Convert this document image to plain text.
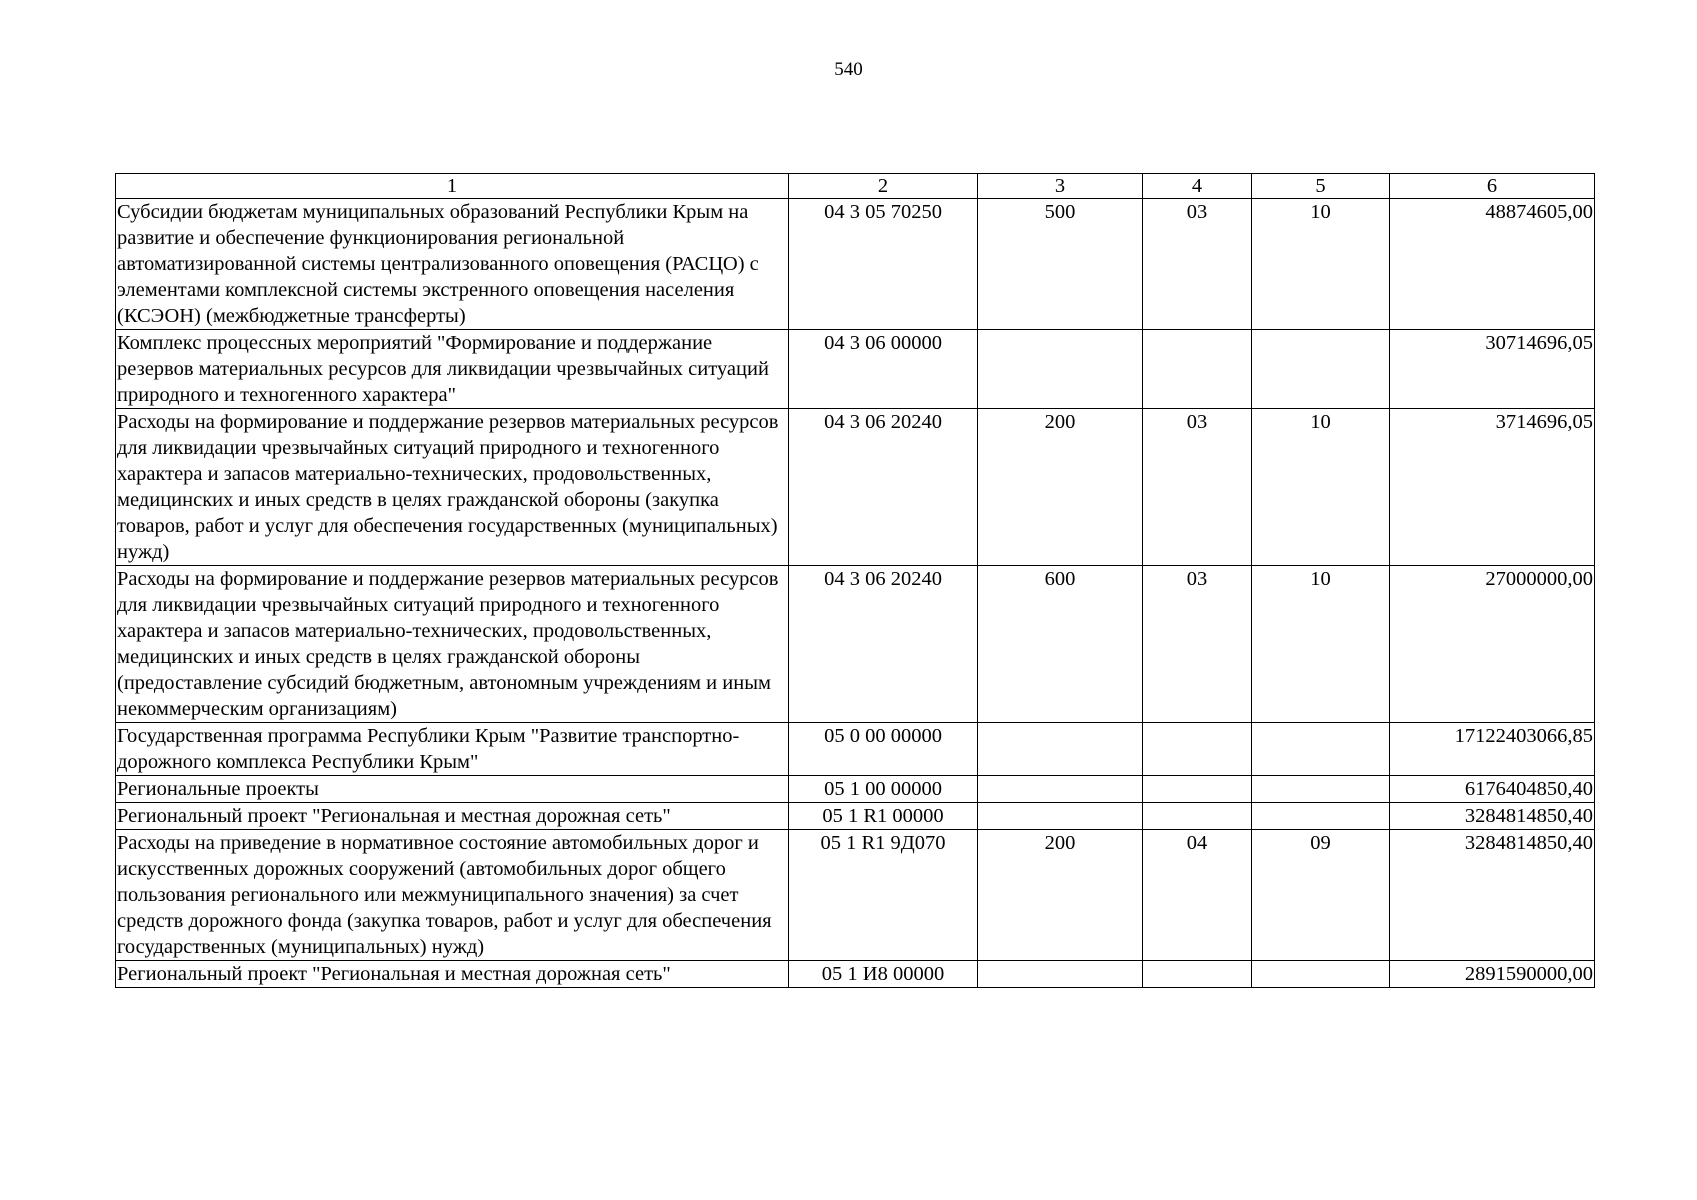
540
1	2	3	4	5	6
Субсидии бюджетам муниципальных образований Республики Крым на развитие и обеспечение функционирования региональной автоматизированной системы централизованного оповещения (РАСЦО) с элементами комплексной системы экстренного оповещения населения (КСЭОН) (межбюджетные трансферты)	04 3 05 70250	500	03	10	48874605,00
Комплекс процессных мероприятий "Формирование и поддержание резервов материальных ресурсов для ликвидации чрезвычайных ситуаций природного и техногенного характера"	04 3 06 00000				30714696,05
Расходы на формирование и поддержание резервов материальных ресурсов для ликвидации чрезвычайных ситуаций природного и техногенного характера и запасов материально-технических, продовольственных, медицинских и иных средств в целях гражданской обороны (закупка товаров, работ и услуг для обеспечения государственных (муниципальных) нужд)	04 3 06 20240	200	03	10	3714696,05
Расходы на формирование и поддержание резервов материальных ресурсов для ликвидации чрезвычайных ситуаций природного и техногенного характера и запасов материально-технических, продовольственных, медицинских и иных средств в целях гражданской обороны (предоставление субсидий бюджетным, автономным учреждениям и иным некоммерческим организациям)	04 3 06 20240	600	03	10	27000000,00
Государственная программа Республики Крым "Развитие транспортно-дорожного комплекса Республики Крым"	05 0 00 00000				17122403066,85
Региональные проекты	05 1 00 00000				6176404850,40
Региональный проект "Региональная и местная дорожная сеть"	05 1 R1 00000				3284814850,40
Расходы на приведение в нормативное состояние автомобильных дорог и искусственных дорожных сооружений (автомобильных дорог общего пользования регионального или межмуниципального значения) за счет средств дорожного фонда (закупка товаров, работ и услуг для обеспечения государственных (муниципальных) нужд)	05 1 R1 9Д070	200	04	09	3284814850,40
Региональный проект "Региональная и местная дорожная сеть"	05 1 И8 00000				2891590000,00
